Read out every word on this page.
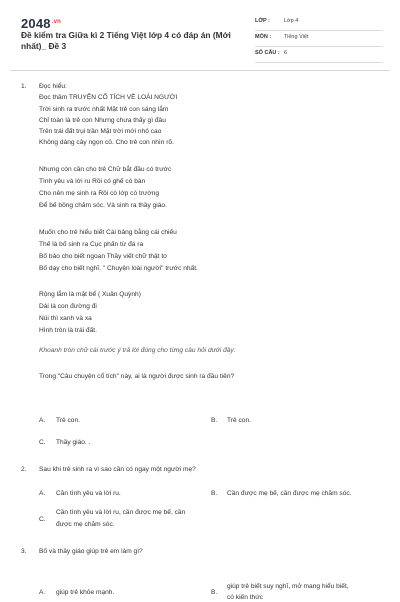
$2048^{.vn}$
Đề kiểm tra Giữa kì 2 Tiếng Việt lớp 4 có đáp án (Mới nhất)_ Đề 3
LỚP :	Lớp 4
MÔN : Tiếng Việt
SỐ CÂU : 6
1. Đọc hiểu:
Đọc thầm TRUYỆN CỔ TÍCH VỀ LOÀI NGƯỜI
Trời sinh ra trước nhất Mặt trẻ con sáng lắm
Chỉ toàn là trẻ con Nhưng chưa thấy gì đâu
Trên trái đất trụi trần Mặt trời mới nhô cao
Không dáng cây ngọn cỏ. Cho trẻ con nhìn rõ.
Nhưng còn cần cho trẻ Chữ bắt đầu có trước
Tình yêu và lời ru Rồi có ghế có bàn
Cho nên mẹ sinh ra Rồi có lớp có trường
Để bế bồng chăm sóc. Và sinh ra thầy giáo.
Muốn cho trẻ hiểu biết Cái bảng bằng cái chiếu
Thế là bố sinh ra Cục phấn từ đá ra
Bố bảo cho biết ngoan Thầy viết chữ thật to
Bố dạy cho biết nghĩ. " Chuyện loài người" trước nhất.
Rộng lắm là mặt bể ( Xuân Quỳnh)
Dài là con đường đi
Núi thì xanh và xa
Hình tròn là trái đất.
Khoanh tròn chữ cái trước ý trả lời đúng cho từng câu hỏi dưới đây:
Trong "Câu chuyện cổ tích" này, ai là người được sinh ra đầu tiên?
A. Trẻ con.	B. Trẻ con.
C. Thầy giáo. .
2. Sau khi trẻ sinh ra vì sao cần có ngay một người mẹ?
A. Cần tình yêu và lời ru.	B. Cần được mẹ bế, cần được mẹ chăm sóc.
C.
Cần tình yêu và lời ru, cần được mẹ bế, cần
được mẹ chăm sóc.
3. Bố và thầy giáo giúp trẻ em làm gì?
A. giúp trẻ khỏe mạnh.	B.
giúp trẻ biết suy nghĩ, mở mang hiểu biết,
có kiến thức
